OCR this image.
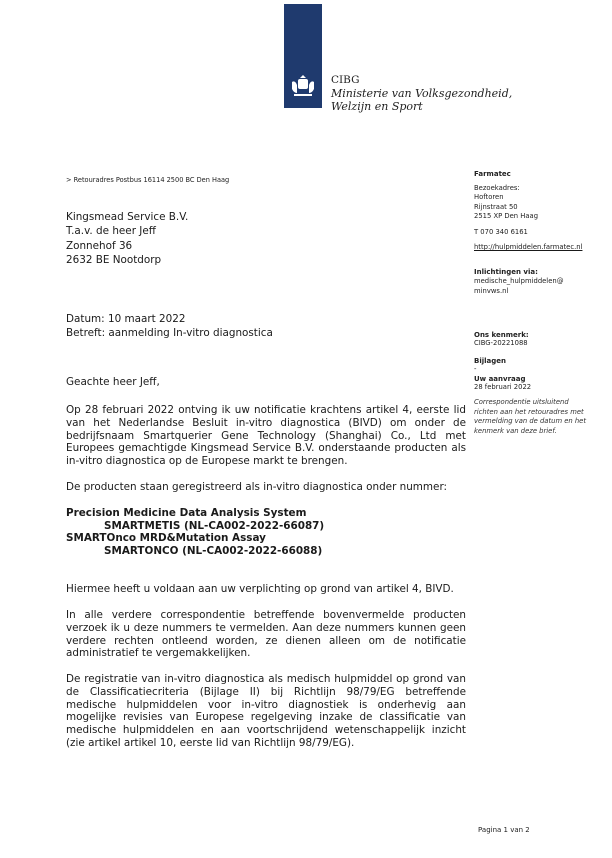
CIBG
Ministerie van Volksgezondheid,
Welzijn en Sport
> Retouradres Postbus 16114 2500 BC Den Haag
Kingsmead Service B.V.
T.a.v. de heer Jeff
Zonnehof 36
2632 BE Nootdorp
Datum: 10 maart 2022
Betreft: aanmelding In-vitro diagnostica
Geachte heer Jeff,
Op 28 februari 2022 ontving ik uw notificatie krachtens artikel 4, eerste lid van het Nederlandse Besluit in-vitro diagnostica (BIVD) om onder de bedrijfsnaam Smartquerier Gene Technology (Shanghai) Co., Ltd met Europees gemachtigde Kingsmead Service B.V. onderstaande producten als in-vitro diagnostica op de Europese markt te brengen.
De producten staan geregistreerd als in-vitro diagnostica onder nummer:
Precision Medicine Data Analysis System
SMARTMETIS (NL-CA002-2022-66087)
SMARTOnco MRD&Mutation Assay
SMARTONCO (NL-CA002-2022-66088)
Hiermee heeft u voldaan aan uw verplichting op grond van artikel 4, BIVD.
In alle verdere correspondentie betreffende bovenvermelde producten verzoek ik u deze nummers te vermelden. Aan deze nummers kunnen geen verdere rechten ontleend worden, ze dienen alleen om de notificatie administratief te vergemakkelijken.
De registratie van in-vitro diagnostica als medisch hulpmiddel op grond van de Classificatiecriteria (Bijlage II) bij Richtlijn 98/79/EG betreffende medische hulpmiddelen voor in-vitro diagnostiek is onderhevig aan mogelijke revisies van Europese regelgeving inzake de classificatie van medische hulpmiddelen en aan voortschrijdend wetenschappelijk inzicht (zie artikel artikel 10, eerste lid van Richtlijn 98/79/EG).
Farmatec
Bezoekadres:
Hoftoren
Rijnstraat 50
2515 XP Den Haag
T 070 340 6161
http://hulpmiddelen.farmatec.nl
Inlichtingen via:
medische_hulpmiddelen@
minvws.nl
Ons kenmerk:
CIBG-20221088
Bijlagen
-
Uw aanvraag
28 februari 2022
Correspondentie uitsluitend richten aan het retouradres met vermelding van de datum en het kenmerk van deze brief.
Pagina 1 van 2
